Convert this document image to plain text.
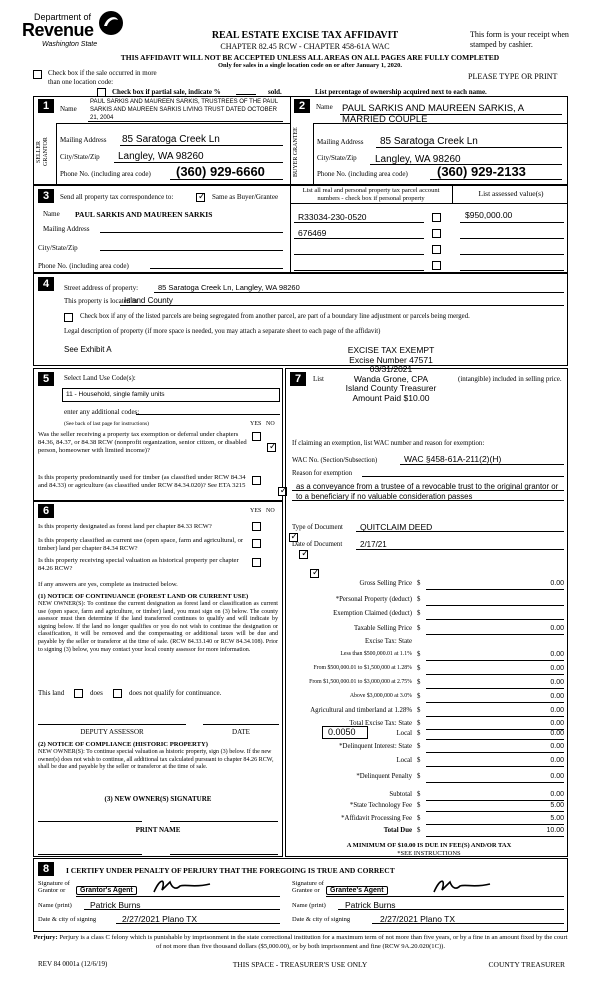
Department of
Revenue
Washington State
REAL ESTATE EXCISE TAX AFFIDAVIT
CHAPTER 82.45 RCW - CHAPTER 458-61A WAC
This form is your receipt when stamped by cashier.
THIS AFFIDAVIT WILL NOT BE ACCEPTED UNLESS ALL AREAS ON ALL PAGES ARE FULLY COMPLETED
Only for sales in a single location code on or after January 1, 2020.
Check box if the sale occurred in more than one location code:
PLEASE TYPE OR PRINT
Check box if partial sale, indicate %	sold.	List percentage of ownership acquired next to each name.
1	Name
PAUL SARKIS AND MAUREEN SARKIS, TRUSTREES OF THE PAUL SARKIS AND MAUREEN SARKIS LIVING TRUST DATED OCTOBER 21, 2004
SELLER GRANTOR	Mailing Address 85 Saratoga Creek Ln
City/State/Zip Langley, WA 98260
Phone No. (including area code) (360) 929-6660
2	Name PAUL SARKIS AND MAUREEN SARKIS, A MARRIED COUPLE
BUYER GRANTEE	Mailing Address 85 Saratoga Creek Ln
City/State/Zip Langley, WA 98260
Phone No. (including area code) (360) 929-2133
3	Send all property tax correspondence to:
✓	Same as Buyer/Grantee
Name PAUL SARKIS AND MAUREEN SARKIS
Mailing Address
City/State/Zip
Phone No. (including area code)
List all real and personal property tax parcel account numbers - check box if personal property
List assessed value(s)
R33034-230-0520	$950,000.00
676469
4	Street address of property:	85 Saratoga Creek Ln, Langley, WA 98260
This property is located in
Island County
Check box if any of the listed parcels are being segregated from another parcel, are part of a boundary line adjustment or parcels being merged.
Legal description of property (if more space is needed, you may attach a separate sheet to each page of the affidavit)
See Exhibit A	EXCISE TAX EXEMPT
Excise Number 47571
03/31/2021
Wanda Grone, CPA
Island County Treasurer
Amount Paid $10.00
5	Select Land Use Code(s):
11 - Household, single family units
enter any additional codes:
(See back of last page for instructions)	YES NO
Was the seller receiving a property tax exemption or deferral under chapters 84.36, 84.37, or 84.38 RCW (nonprofit organization, senior citizen, or disabled person, homeowner with limited income)?
✓
Is this property predominantly used for timber (as classified under RCW 84.34 and 84.33) or agriculture (as classified under RCW 84.34.020)? See ETA 3215
✓
6	YES NO
Is this property designated as forest land per chapter 84.33 RCW?
✓
Is this property classified as current use (open space, farm and agricultural, or timber) land per chapter 84.34 RCW?
✓
Is this property receiving special valuation as historical property per chapter 84.26 RCW?
✓
If any answers are yes, complete as instructed below.
(1) NOTICE OF CONTINUANCE (FOREST LAND OR CURRENT USE)
NEW OWNER(S): To continue the current designation as forest land or classification as current use (open space, farm and agriculture, or timber) land, you must sign on (3) below. The county assessor must then determine if the land transferred continues to qualify and will indicate by signing below. If the land no longer qualifies or you do not wish to continue the designation or classification, it will be removed and the compensating or additional taxes will be due and payable by the seller or transferor at the time of sale. (RCW 84.33.140 or RCW 84.34.108). Prior to signing (3) below, you may contact your local county assessor for more information.
This land	does	does not qualify for continuance.
DEPUTY ASSESSOR	DATE
(2) NOTICE OF COMPLIANCE (HISTORIC PROPERTY)
NEW OWNER(S): To continue special valuation as historic property, sign (3) below. If the new owner(s) does not wish to continue, all additional tax calculated pursuant to chapter 84.26 RCW, shall be due and payable by the seller or transferor at the time of sale.
(3) NEW OWNER(S) SIGNATURE
PRINT NAME
7	List	(intangible) included in selling price.
If claiming an exemption, list WAC number and reason for exemption:
WAC No. (Section/Subsection)	WAC §458-61A-211(2)(H)
Reason for exemption
as a conveyance from a trustee of a revocable trust to the original grantor or to a beneficiary if no valuable consideration passes
Type of Document QUITCLAIM DEED
Date of Document 2/17/21
Gross Selling Price $	0.00
*Personal Property (deduct) $
Exemption Claimed (deduct) $
Taxable Selling Price $	0.00
Excise Tax: State
Less than $500,000.01 at 1.1% $	0.00
From $500,000.01 to $1,500,000 at 1.28% $	0.00
From $1,500,000.01 to $3,000,000 at 2.75% $	0.00
Above $3,000,000 at 3.0% $	0.00
Agricultural and timberland at 1.28% $	0.00
Total Excise Tax: State $	0.00
Local $	0.00
*Delinquent Interest: State $	0.00
Local $	0.00
*Delinquent Penalty $	0.00
Subtotal $	0.00
*State Technology Fee $	5.00
*Affidavit Processing Fee $	5.00
Total Due $	10.00
0.0050
A MINIMUM OF $10.00 IS DUE IN FEE(S) AND/OR TAX
*SEE INSTRUCTIONS
8	I CERTIFY UNDER PENALTY OF PERJURY THAT THE FOREGOING IS TRUE AND CORRECT
Signature of Grantor or	Grantor's Agent
Name (print) Patrick Burns
Date & city of signing	2/27/2021 Plano TX
Signature of Grantee or	Grantee's Agent
Name (print) Patrick Burns
Date & city of signing	2/27/2021 Plano TX
Perjury: Perjury is a class C felony which is punishable by imprisonment in the state correctional institution for a maximum term of not more than five years, or by a fine in an amount fixed by the court of not more than five thousand dollars ($5,000.00), or by both imprisonment and fine (RCW 9A.20.020(1C)).
REV 84 0001a (12/6/19)	THIS SPACE - TREASURER'S USE ONLY	COUNTY TREASURER
